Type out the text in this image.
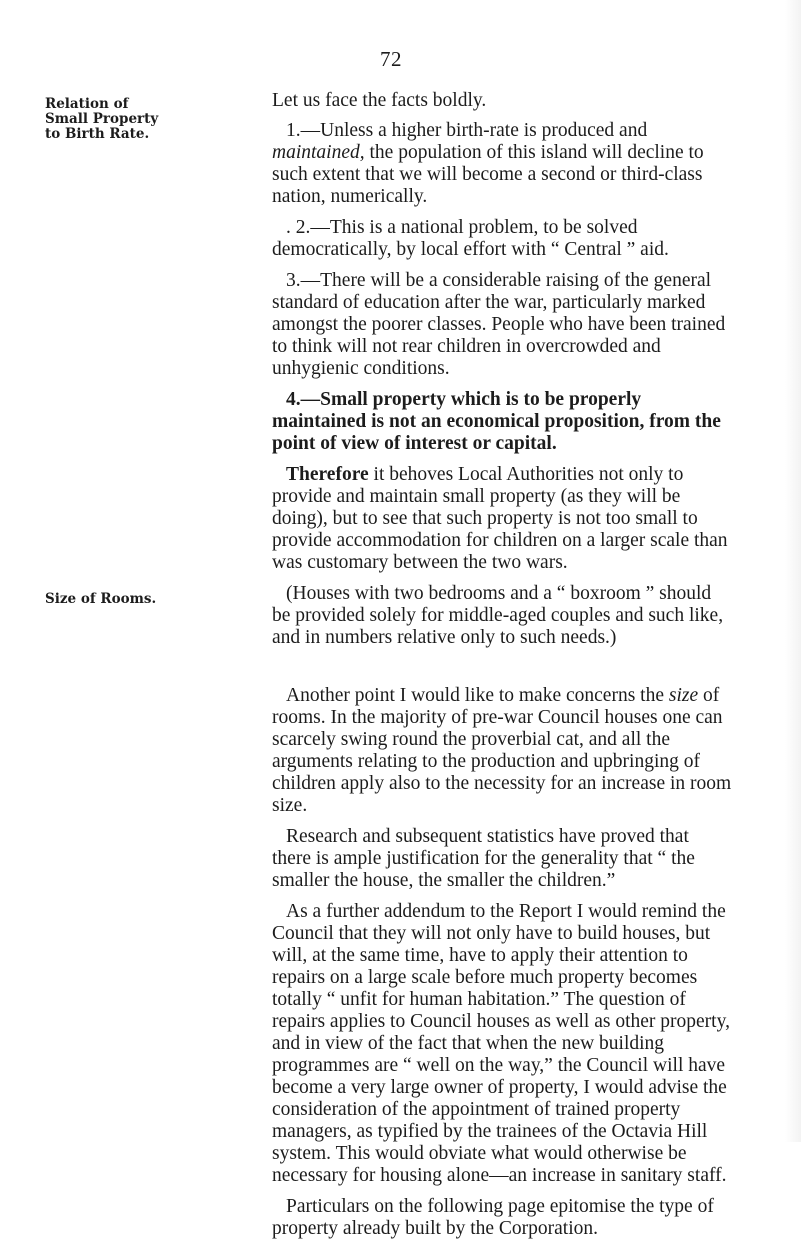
72
Relation of
Small Property
to Birth Rate.
Size of Rooms.

Let us face the facts boldly.

1.—Unless a higher birth-rate is produced and maintained, the population of this island will decline to such extent that we will become a second or third-class nation, numerically.

. 2.—This is a national problem, to be solved democratically, by local effort with “ Central ” aid.

3.—There will be a considerable raising of the general standard of education after the war, particularly marked amongst the poorer classes. People who have been trained to think will not rear children in overcrowded and unhygienic conditions.

4.—Small property which is to be properly maintained is not an economical proposition, from the point of view of interest or capital.

Therefore it behoves Local Authorities not only to provide and maintain small property (as they will be doing), but to see that such property is not too small to provide accommodation for children on a larger scale than was customary between the two wars.

(Houses with two bedrooms and a “ boxroom ” should be provided solely for middle-aged couples and such like, and in numbers relative only to such needs.)

Another point I would like to make concerns the size of rooms. In the majority of pre-war Council houses one can scarcely swing round the proverbial cat, and all the arguments relating to the production and upbringing of children apply also to the necessity for an increase in room size.

Research and subsequent statistics have proved that there is ample justification for the generality that “ the smaller the house, the smaller the children.”

As a further addendum to the Report I would remind the Council that they will not only have to build houses, but will, at the same time, have to apply their attention to repairs on a large scale before much property becomes totally “ unfit for human habitation.” The question of repairs applies to Council houses as well as other property, and in view of the fact that when the new building programmes are “ well on the way,” the Council will have become a very large owner of property, I would advise the consideration of the appointment of trained property managers, as typified by the trainees of the Octavia Hill system. This would obviate what would otherwise be necessary for housing alone—an increase in sanitary staff.

Particulars on the following page epitomise the type of property already built by the Corporation.
